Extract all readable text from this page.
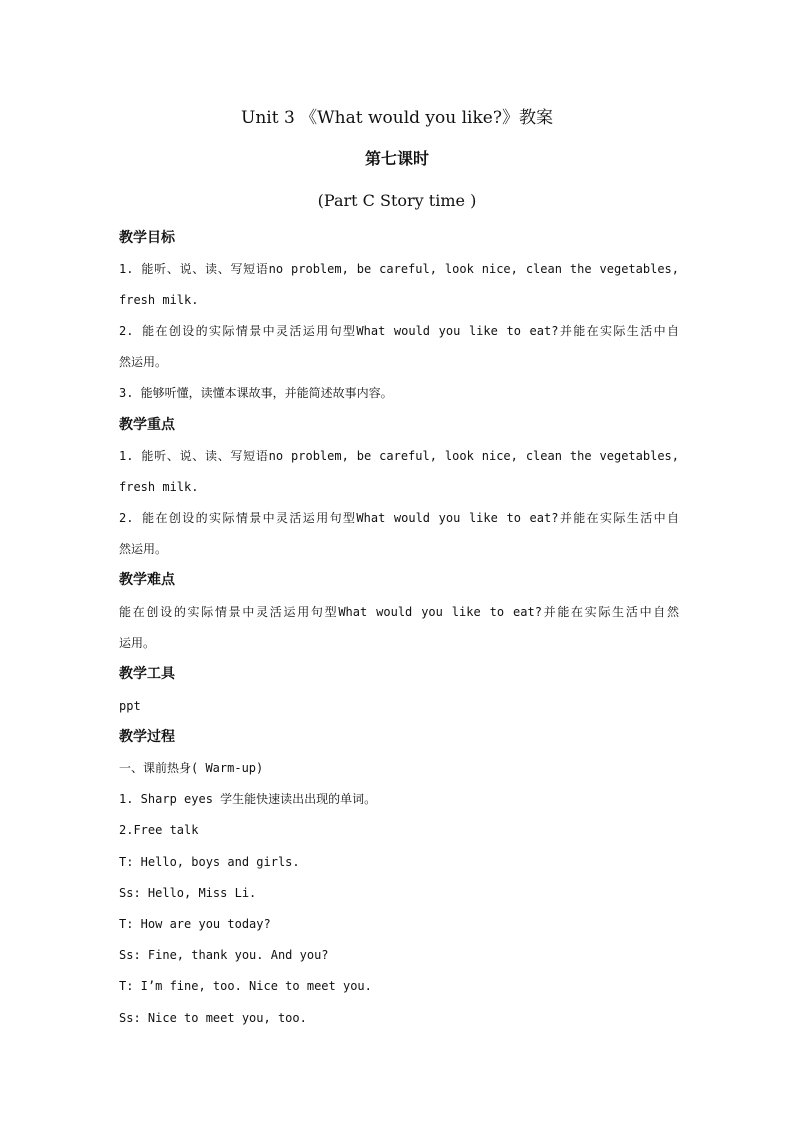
Unit 3 《What would you like?》教案
第七课时
(Part C Story time )
教学目标
1. 能听、说、读、写短语no problem, be careful, look nice, clean the vegetables,
fresh milk.
2. 能在创设的实际情景中灵活运用句型What would you like to eat?并能在实际生活中自
然运用。
3. 能够听懂，读懂本课故事，并能简述故事内容。
教学重点
1. 能听、说、读、写短语no problem, be careful, look nice, clean the vegetables,
fresh milk.
2. 能在创设的实际情景中灵活运用句型What would you like to eat?并能在实际生活中自
然运用。
教学难点
能在创设的实际情景中灵活运用句型What would you like to eat?并能在实际生活中自然
运用。
教学工具
ppt
教学过程
一、课前热身( Warm-up)
1. Sharp eyes 学生能快速读出出现的单词。
2.Free talk
T: Hello, boys and girls.
Ss: Hello, Miss Li.
T: How are you today?
Ss: Fine, thank you. And you?
T: I’m fine, too. Nice to meet you.
Ss: Nice to meet you, too.
